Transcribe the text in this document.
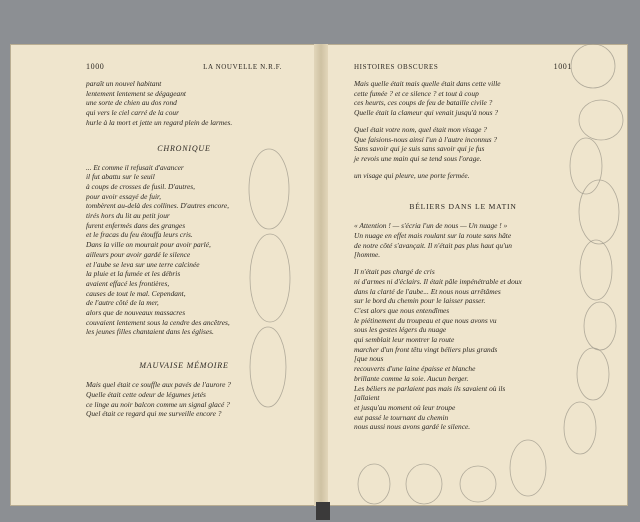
1000	LA NOUVELLE N.R.F.
paraît un nouvel habitant
lentement lentement se dégageant
une sorte de chien au dos rond
qui vers le ciel carré de la cour
hurle à la mort et jette un regard plein de larmes.
CHRONIQUE
... Et comme il refusait d'avancer
il fut abattu sur le seuil
à coups de crosses de fusil. D'autres,
pour avoir essayé de fuir,
tombèrent au-delà des collines. D'autres encore,
tirés hors du lit au petit jour
furent enfermés dans des granges
et le fracas du feu étouffa leurs cris.
Dans la ville on mourait pour avoir parlé,
ailleurs pour avoir gardé le silence
et l'aube se leva sur une terre calcinée
la pluie et la fumée et les débris
avaient effacé les frontières,
causes de tout le mal. Cependant,
de l'autre côté de la mer,
alors que de nouveaux massacres
couvaient lentement sous la cendre des ancêtres,
les jeunes filles chantaient dans les églises.
MAUVAISE MÉMOIRE
Mais quel était ce souffle aux pavés de l'aurore ?
Quelle était cette odeur de légumes jetés
ce linge au noir balcon comme un signal glacé ?
Quel était ce regard qui me surveille encore ?
HISTOIRES OBSCURES	1001
Mais quelle était mais quelle était dans cette ville
cette fumée ? et ce silence ? et tout à coup
ces heurts, ces coups de feu de bataille civile ?
Quelle était la clameur qui venait jusqu'à nous ?
Quel était votre nom, quel était mon visage ?
Que faisions-nous ainsi l'un à l'autre inconnus ?
Sans savoir qui je suis sans savoir qui je fus
je revois une main qui se tend sous l'orage.
un visage qui pleure, une porte fermée.
BÉLIERS DANS LE MATIN
« Attention ! — s'écria l'un de nous — Un nuage ! »
Un nuage en effet mais roulant sur la route sans hâte
de notre côté s'avançait. Il n'était pas plus haut qu'un
[homme.
Il n'était pas chargé de cris
ni d'armes ni d'éclairs. Il était pâle impénétrable et doux
dans la clarté de l'aube... Et nous nous arrêtâmes
sur le bord du chemin pour le laisser passer.
C'est alors que nous entendîmes
le piétinement du troupeau et que nous avons vu
sous les gestes légers du nuage
qui semblait leur montrer la route
marcher d'un front têtu vingt béliers plus grands
[que nous
recouverts d'une laine épaisse et blanche
brillante comme la soie. Aucun berger.
Les béliers ne parlaient pas mais ils savaient où ils
[allaient
et jusqu'au moment où leur troupe
eut passé le tournant du chemin
nous aussi nous avons gardé le silence.
